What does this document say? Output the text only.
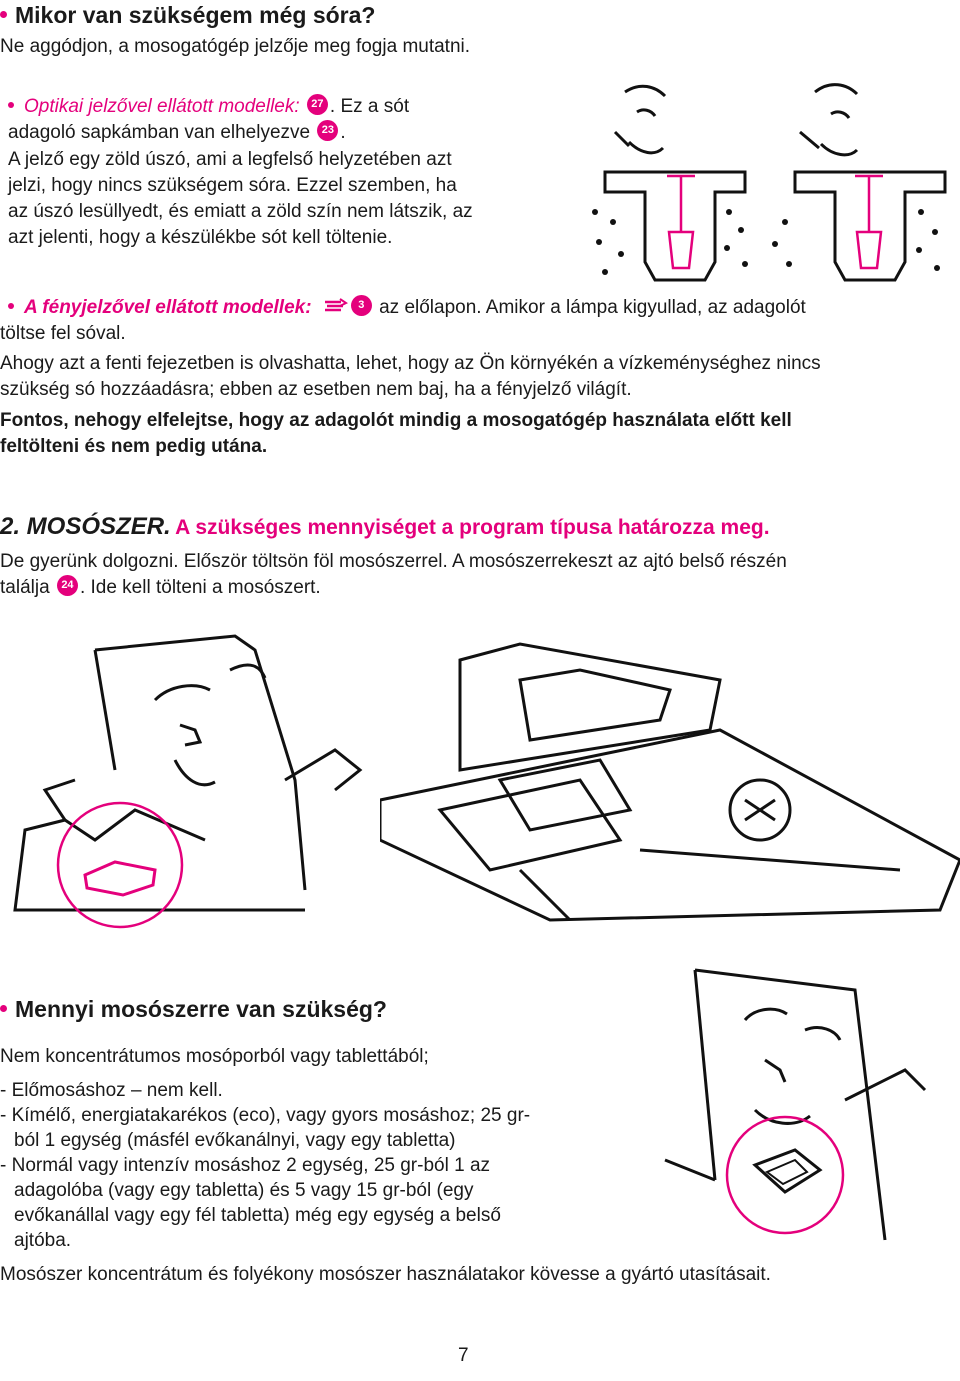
Mikor van szükségem még sóra?
Ne aggódjon, a mosogatógép jelzője meg fogja mutatni.
Optikai jelzővel ellátott modellek: 27 . Ez a sót
adagoló sapkámban van elhelyezve 23 .
A jelző egy zöld úszó, ami a legfelső helyzetében azt
jelzi, hogy nincs szükségem sóra. Ezzel szemben, ha
az úszó lesüllyedt, és emiatt a zöld szín nem látszik, az
azt jelenti, hogy a készülékbe sót kell töltenie.
A fényjelzővel ellátott modellek:	3 az előlapon. Amikor a lámpa kigyullad, az adagolót
töltse fel sóval.
Ahogy azt a fenti fejezetben is olvashatta, lehet, hogy az Ön környékén a vízkeménységhez nincs
szükség só hozzáadásra; ebben az esetben nem baj, ha a fényjelző világít.
Fontos, nehogy elfelejtse, hogy az adagolót mindig a mosogatógép használata előtt kell
feltölteni és nem pedig utána.
2. MOSÓSZER. A szükséges mennyiséget a program típusa határozza meg.
De gyerünk dolgozni. Először töltsön föl mosószerrel. A mosószerrekeszt az ajtó belső részén
találja 24 . Ide kell tölteni a mosószert.
Mennyi mosószerre van szükség?
Nem koncentrátumos mosóporból vagy tablettából;
- Előmosáshoz – nem kell.
- Kímélő, energiatakarékos (eco), vagy gyors mosáshoz; 25 gr-
ból 1 egység (másfél evőkanálnyi, vagy egy tabletta)
- Normál vagy intenzív mosáshoz 2 egység, 25 gr-ból 1 az
adagolóba (vagy egy tabletta) és 5 vagy 15 gr-ból (egy
evőkanállal vagy egy fél tabletta) még egy egység a belső
ajtóba.
Mosószer koncentrátum és folyékony mosószer használatakor kövesse a gyártó utasításait.
7
